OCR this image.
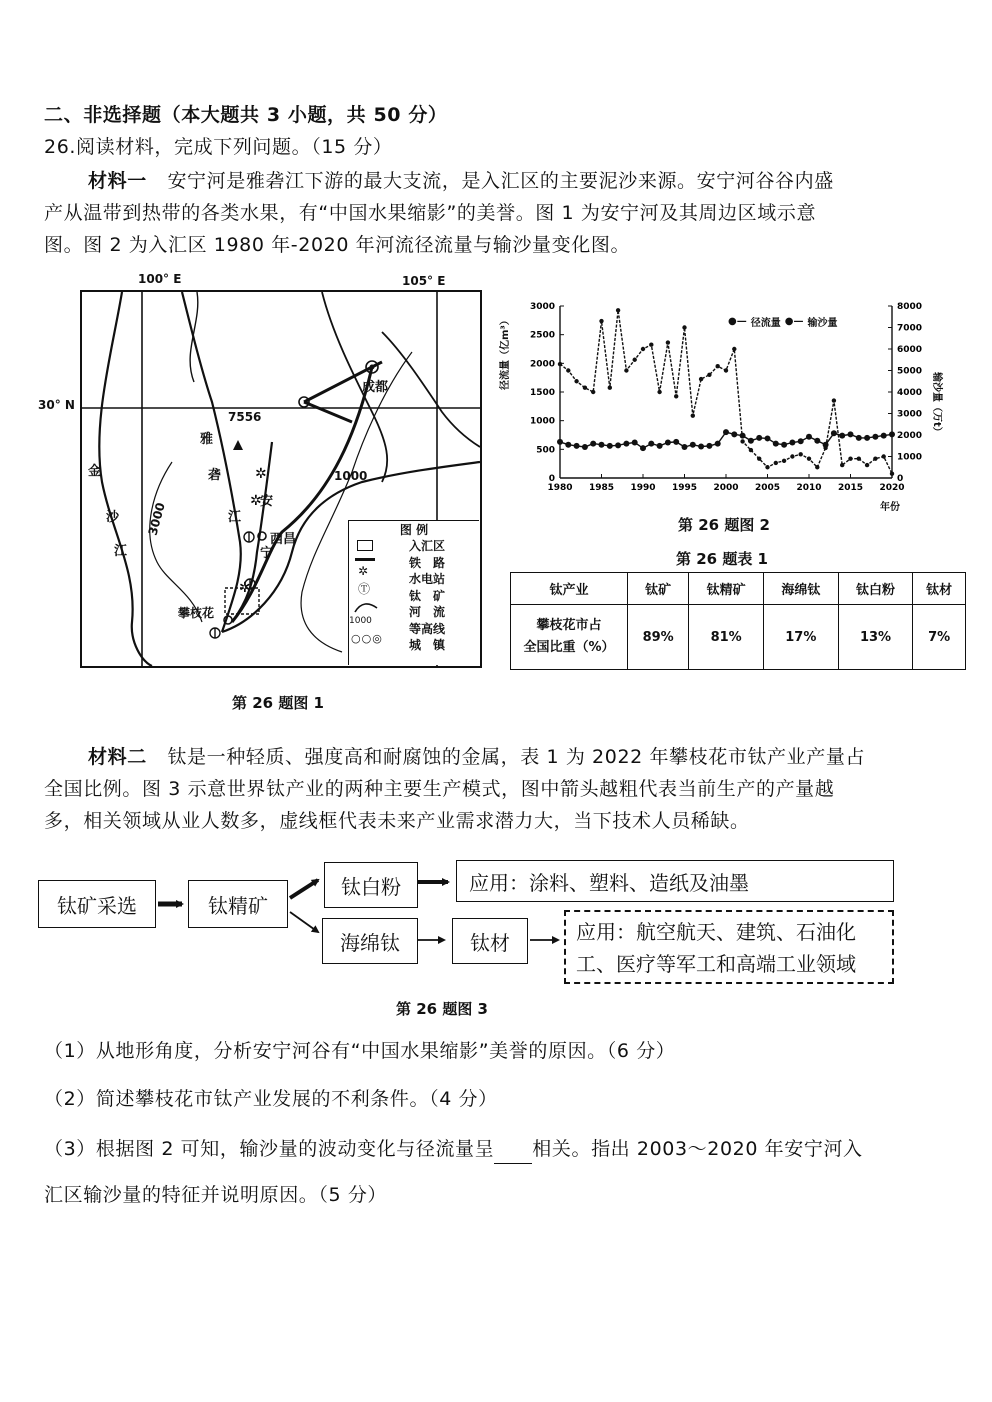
二、非选择题（本大题共 3 小题，共 50 分）
26.阅读材料，完成下列问题。（15 分）
材料一 安宁河是雅砻江下游的最大支流，是入汇区的主要泥沙来源。安宁河谷谷内盛
产从温带到热带的各类水果，有“中国水果缩影”的美誉。图 1 为安宁河及其周边区域示意
图。图 2 为入汇区 1980 年-2020 年河流径流量与输沙量变化图。
100° E	105° E
30° N
✲
✲
✲
7556
1000
3000
成都
西昌
攀枝花
雅
砻
江
安
宁
金
沙
江
图 例
✲
Ⓣ
1000
○○◎
入汇区
铁　路
水电站
钛　矿
河　流
等高线
城　镇
第 26 题图 1
0
500
1000
1500
2000
2500
3000
0
1000
2000
3000
4000
5000
6000
7000
8000
1980 1985 1990 1995 2000 2005 2010 2015 2020
径流量（亿m³）
输沙量（万t）
年份
●— 径流量 ●— 输沙量
第 26 题图 2
第 26 题表 1
钛产业	钛矿	钛精矿	海绵钛	钛白粉	钛材

攀枝花市占
全国比重（%）	89%	81%	17%	13%	7%
材料二 钛是一种轻质、强度高和耐腐蚀的金属，表 1 为 2022 年攀枝花市钛产业产量占
全国比例。图 3 示意世界钛产业的两种主要生产模式，图中箭头越粗代表当前生产的产量越
多，相关领域从业人数多，虚线框代表未来产业需求潜力大，当下技术人员稀缺。
钛矿采选	钛精矿
钛白粉
海绵钛	钛材
应用：涂料、塑料、造纸及油墨
应用：航空航天、建筑、石油化
工、医疗等军工和高端工业领域
第 26 题图 3
（1）从地形角度，分析安宁河谷有“中国水果缩影”美誉的原因。（6 分）
（2）简述攀枝花市钛产业发展的不利条件。（4 分）
（3）根据图 2 可知，输沙量的波动变化与径流量呈 相关。指出 2003～2020 年安宁河入
汇区输沙量的特征并说明原因。（5 分）
